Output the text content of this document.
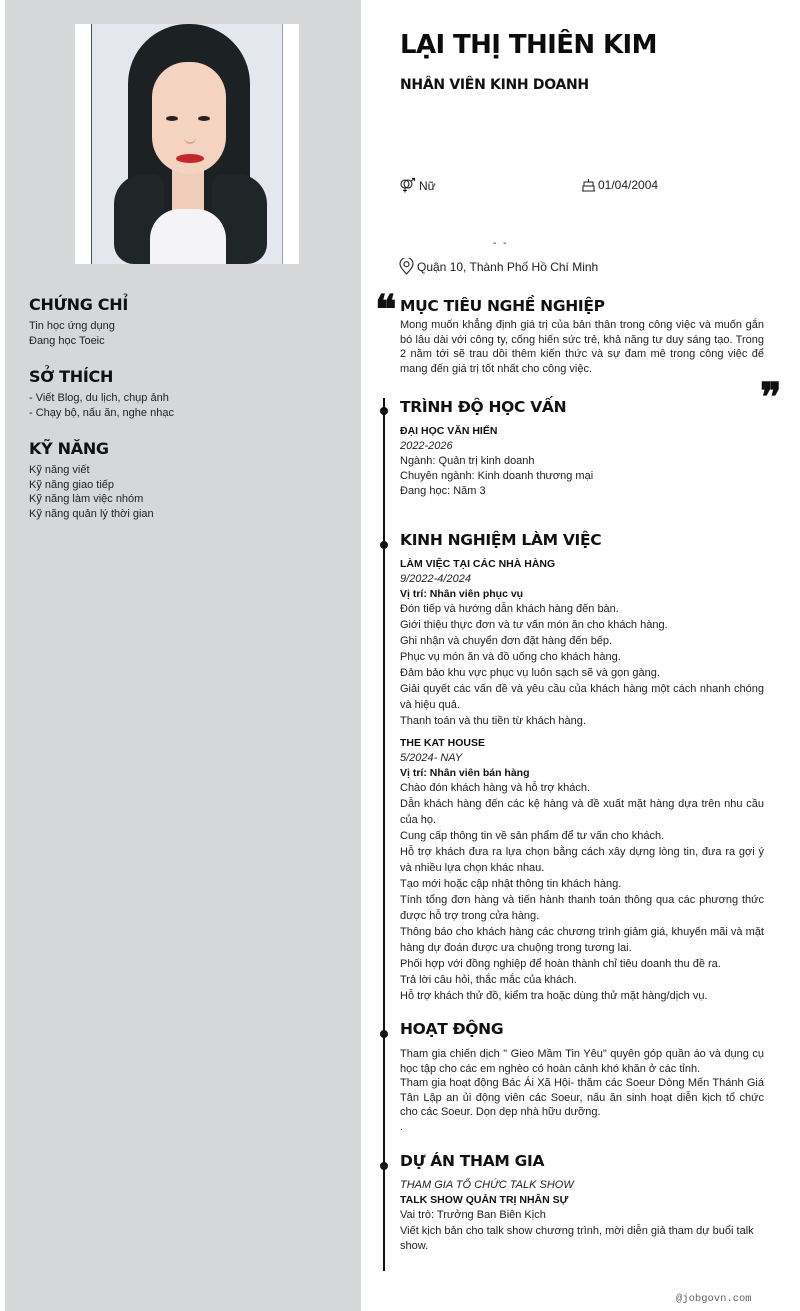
CHỨNG CHỈ
Tin học ứng dụng
Đang học Toeic
SỞ THÍCH
- Viết Blog, du lịch, chụp ảnh
- Chạy bộ, nấu ăn, nghe nhạc
KỸ NĂNG
Kỹ năng viết
Kỹ năng giao tiếp
Kỹ năng làm việc nhóm
Kỹ năng quản lý thời gian
LẠI THỊ THIÊN KIM
NHÂN VIÊN KINH DOANH
Nữ	01/04/2004
- -
Quận 10, Thành Phố Hồ Chí Minh
❝ MỤC TIÊU NGHỀ NGHIỆP
Mong muốn khẳng định giá trị của bản thân trong công việc và muốn gắn bó lâu dài với công ty, cống hiến sức trẻ, khả năng tư duy sáng tạo. Trong 2 năm tới sẽ trau dồi thêm kiến thức và sự đam mê trong công việc để mang đến giá trị tốt nhất cho công việc.
❞
TRÌNH ĐỘ HỌC VẤN
ĐẠI HỌC VĂN HIẾN
2022-2026
Ngành: Quản trị kinh doanh
Chuyên ngành: Kinh doanh thương mại
Đang học: Năm 3
KINH NGHIỆM LÀM VIỆC
LÀM VIỆC TẠI CÁC NHÀ HÀNG
9/2022-4/2024
Vị trí: Nhân viên phục vụ
Đón tiếp và hướng dẫn khách hàng đến bàn.
Giới thiệu thực đơn và tư vấn món ăn cho khách hàng.
Ghi nhận và chuyển đơn đặt hàng đến bếp.
Phục vụ món ăn và đồ uống cho khách hàng.
Đảm bảo khu vực phục vụ luôn sạch sẽ và gọn gàng.
Giải quyết các vấn đề và yêu cầu của khách hàng một cách nhanh chóng và hiệu quả.
Thanh toán và thu tiền từ khách hàng.
THE KAT HOUSE
5/2024- NAY
Vị trí: Nhân viên bán hàng
Chào đón khách hàng và hỗ trợ khách.
Dẫn khách hàng đến các kệ hàng và đề xuất mặt hàng dựa trên nhu cầu của họ.
Cung cấp thông tin về sản phẩm để tư vấn cho khách.
Hỗ trợ khách đưa ra lựa chọn bằng cách xây dựng lòng tin, đưa ra gợi ý và nhiều lựa chọn khác nhau.
Tạo mới hoặc cập nhật thông tin khách hàng.
Tính tổng đơn hàng và tiến hành thanh toán thông qua các phương thức được hỗ trợ trong cửa hàng.
Thông báo cho khách hàng các chương trình giảm giá, khuyến mãi và mặt hàng dự đoán được ưa chuộng trong tương lai.
Phối hợp với đồng nghiệp để hoàn thành chỉ tiêu doanh thu đề ra.
Trả lời câu hỏi, thắc mắc của khách.
Hỗ trợ khách thử đồ, kiểm tra hoặc dùng thử mặt hàng/dịch vụ.
HOẠT ĐỘNG
Tham gia chiến dịch " Gieo Mầm Tin Yêu" quyên góp quần áo và dụng cụ học tập cho các em nghèo có hoàn cảnh khó khăn ở các tỉnh.
Tham gia hoạt động Bác Ái Xã Hội- thăm các Soeur Dòng Mến Thánh Giá Tân Lập an ủi động viên các Soeur, nấu ăn sinh hoạt diễn kịch tổ chức cho các Soeur. Dọn dẹp nhà hữu dưỡng.
.
DỰ ÁN THAM GIA
THAM GIA TỔ CHỨC TALK SHOW
TALK SHOW QUẢN TRỊ NHÂN SỰ
Vai trò: Trưởng Ban Biên Kịch
Viết kịch bản cho talk show chương trình, mời diễn giả tham dự buổi talk show.
@jobgovn.com
